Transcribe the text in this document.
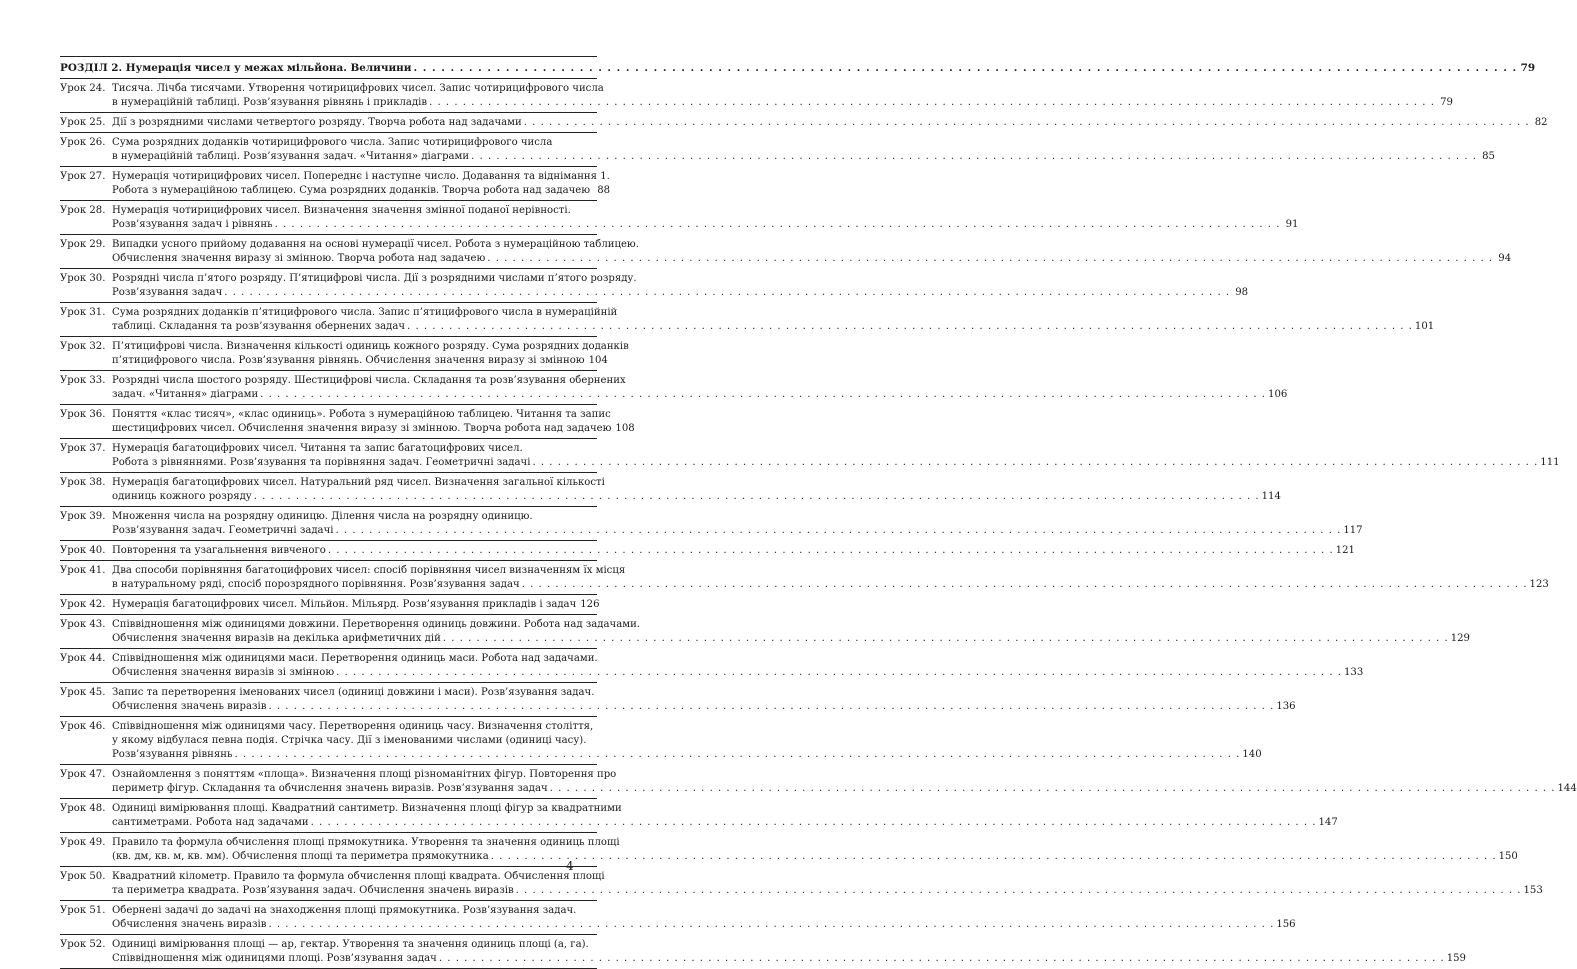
РОЗДІЛ 2. Нумерація чисел у межах мільйона. Величини . . . . . . . . . . . . . . . . . . . . . . . . . . . . . . . . . . . . . . . . . . . . . . . . . . . . . . . . . . . . . . . . . . . . . . . . . . . . . . . . . . . . . . . . . . . . . . . . . . . . . . . . . . . . . . . . . . . . . . . . 79
Урок 24. Тисяча. Лічба тисячами. Утворення чотирицифрових чисел. Запис чотирицифрового числа
в нумераційній таблиці. Розв’язування рівнянь і прикладів . . . . . . . . . . . . . . . . . . . . . . . . . . . . . . . . . . . . . . . . . . . . . . . . . . . . . . . . . . . . . . . . . . . . . . . . . . . . . . . . . . . . . . . . . . . . . . . . . . . . . . . . . . . . . . . . . . . . . . . . 79
Урок 25. Дії з розрядними числами четвертого розряду. Творча робота над задачами . . . . . . . . . . . . . . . . . . . . . . . . . . . . . . . . . . . . . . . . . . . . . . . . . . . . . . . . . . . . . . . . . . . . . . . . . . . . . . . . . . . . . . . . . . . . . . . . . . . . . . . . . . . . . . . . . . . . . . . . 82
Урок 26. Сума розрядних доданків чотирицифрового числа. Запис чотирицифрового числа
в нумераційній таблиці. Розв’язування задач. «Читання» діаграми . . . . . . . . . . . . . . . . . . . . . . . . . . . . . . . . . . . . . . . . . . . . . . . . . . . . . . . . . . . . . . . . . . . . . . . . . . . . . . . . . . . . . . . . . . . . . . . . . . . . . . . . . . . . . . . . . . . . . . . . 85
Урок 27. Нумерація чотирицифрових чисел. Попереднє і наступне число. Додавання та віднімання 1.
Робота з нумераційною таблицею. Сума розрядних доданків. Творча робота над задачею 88
Урок 28. Нумерація чотирицифрових чисел. Визначення значення змінної поданої нерівності.
Розв’язування задач і рівнянь . . . . . . . . . . . . . . . . . . . . . . . . . . . . . . . . . . . . . . . . . . . . . . . . . . . . . . . . . . . . . . . . . . . . . . . . . . . . . . . . . . . . . . . . . . . . . . . . . . . . . . . . . . . . . . . . . . . . . . . . 91
Урок 29. Випадки усного прийому додавання на основі нумерації чисел. Робота з нумераційною таблицею.
Обчислення значення виразу зі змінною. Творча робота над задачею . . . . . . . . . . . . . . . . . . . . . . . . . . . . . . . . . . . . . . . . . . . . . . . . . . . . . . . . . . . . . . . . . . . . . . . . . . . . . . . . . . . . . . . . . . . . . . . . . . . . . . . . . . . . . . . . . . . . . . . . 94
Урок 30. Розрядні числа п’ятого розряду. П’ятицифрові числа. Дії з розрядними числами п’ятого розряду.
Розв’язування задач . . . . . . . . . . . . . . . . . . . . . . . . . . . . . . . . . . . . . . . . . . . . . . . . . . . . . . . . . . . . . . . . . . . . . . . . . . . . . . . . . . . . . . . . . . . . . . . . . . . . . . . . . . . . . . . . . . . . . . . . 98
Урок 31. Сума розрядних доданків п’ятицифрового числа. Запис п’ятицифрового числа в нумераційній
таблиці. Складання та розв’язування обернених задач . . . . . . . . . . . . . . . . . . . . . . . . . . . . . . . . . . . . . . . . . . . . . . . . . . . . . . . . . . . . . . . . . . . . . . . . . . . . . . . . . . . . . . . . . . . . . . . . . . . . . . . . . . . . . . . . . . . . . . . . 101
Урок 32. П’ятицифрові числа. Визначення кількості одиниць кожного розряду. Сума розрядних доданків
п’ятицифрового числа. Розв’язування рівнянь. Обчислення значення виразу зі змінною 104
Урок 33. Розрядні числа шостого розряду. Шестицифрові числа. Складання та розв’язування обернених
задач. «Читання» діаграми . . . . . . . . . . . . . . . . . . . . . . . . . . . . . . . . . . . . . . . . . . . . . . . . . . . . . . . . . . . . . . . . . . . . . . . . . . . . . . . . . . . . . . . . . . . . . . . . . . . . . . . . . . . . . . . . . . . . . . . . 106
Урок 36. Поняття «клас тисяч», «клас одиниць». Робота з нумераційною таблицею. Читання та запис
шестицифрових чисел. Обчислення значення виразу зі змінною. Творча робота над задачею 108
Урок 37. Нумерація багатоцифрових чисел. Читання та запис багатоцифрових чисел.
Робота з рівняннями. Розв’язування та порівняння задач. Геометричні задачі . . . . . . . . . . . . . . . . . . . . . . . . . . . . . . . . . . . . . . . . . . . . . . . . . . . . . . . . . . . . . . . . . . . . . . . . . . . . . . . . . . . . . . . . . . . . . . . . . . . . . . . . . . . . . . . . . . . . . . . . 111
Урок 38. Нумерація багатоцифрових чисел. Натуральний ряд чисел. Визначення загальної кількості
одиниць кожного розряду . . . . . . . . . . . . . . . . . . . . . . . . . . . . . . . . . . . . . . . . . . . . . . . . . . . . . . . . . . . . . . . . . . . . . . . . . . . . . . . . . . . . . . . . . . . . . . . . . . . . . . . . . . . . . . . . . . . . . . . . 114
Урок 39. Множення числа на розрядну одиницю. Ділення числа на розрядну одиницю.
Розв’язування задач. Геометричні задачі . . . . . . . . . . . . . . . . . . . . . . . . . . . . . . . . . . . . . . . . . . . . . . . . . . . . . . . . . . . . . . . . . . . . . . . . . . . . . . . . . . . . . . . . . . . . . . . . . . . . . . . . . . . . . . . . . . . . . . . . 117
Урок 40. Повторення та узагальнення вивченого . . . . . . . . . . . . . . . . . . . . . . . . . . . . . . . . . . . . . . . . . . . . . . . . . . . . . . . . . . . . . . . . . . . . . . . . . . . . . . . . . . . . . . . . . . . . . . . . . . . . . . . . . . . . . . . . . . . . . . . . 121
Урок 41. Два способи порівняння багатоцифрових чисел: спосіб порівняння чисел визначенням їх місця
в натуральному ряді, спосіб порозрядного порівняння. Розв’язування задач . . . . . . . . . . . . . . . . . . . . . . . . . . . . . . . . . . . . . . . . . . . . . . . . . . . . . . . . . . . . . . . . . . . . . . . . . . . . . . . . . . . . . . . . . . . . . . . . . . . . . . . . . . . . . . . . . . . . . . . . 123
Урок 42. Нумерація багатоцифрових чисел. Мільйон. Мільярд. Розв’язування прикладів і задач 126
Урок 43. Співвідношення між одиницями довжини. Перетворення одиниць довжини. Робота над задачами.
Обчислення значення виразів на декілька арифметичних дій . . . . . . . . . . . . . . . . . . . . . . . . . . . . . . . . . . . . . . . . . . . . . . . . . . . . . . . . . . . . . . . . . . . . . . . . . . . . . . . . . . . . . . . . . . . . . . . . . . . . . . . . . . . . . . . . . . . . . . . . 129
Урок 44. Співвідношення між одиницями маси. Перетворення одиниць маси. Робота над задачами.
Обчислення значення виразів зі змінною . . . . . . . . . . . . . . . . . . . . . . . . . . . . . . . . . . . . . . . . . . . . . . . . . . . . . . . . . . . . . . . . . . . . . . . . . . . . . . . . . . . . . . . . . . . . . . . . . . . . . . . . . . . . . . . . . . . . . . . . 133
Урок 45. Запис та перетворення іменованих чисел (одиниці довжини і маси). Розв’язування задач.
Обчислення значень виразів . . . . . . . . . . . . . . . . . . . . . . . . . . . . . . . . . . . . . . . . . . . . . . . . . . . . . . . . . . . . . . . . . . . . . . . . . . . . . . . . . . . . . . . . . . . . . . . . . . . . . . . . . . . . . . . . . . . . . . . . 136
Урок 46. Співвідношення між одиницями часу. Перетворення одиниць часу. Визначення століття,
у якому відбулася певна подія. Стрічка часу. Дії з іменованими числами (одиниці часу).
Розв’язування рівнянь . . . . . . . . . . . . . . . . . . . . . . . . . . . . . . . . . . . . . . . . . . . . . . . . . . . . . . . . . . . . . . . . . . . . . . . . . . . . . . . . . . . . . . . . . . . . . . . . . . . . . . . . . . . . . . . . . . . . . . . . 140
Урок 47. Ознайомлення з поняттям «площа». Визначення площі різноманітних фігур. Повторення про
периметр фігур. Складання та обчислення значень виразів. Розв’язування задач . . . . . . . . . . . . . . . . . . . . . . . . . . . . . . . . . . . . . . . . . . . . . . . . . . . . . . . . . . . . . . . . . . . . . . . . . . . . . . . . . . . . . . . . . . . . . . . . . . . . . . . . . . . . . . . . . . . . . . . . 144
Урок 48. Одиниці вимірювання площі. Квадратний сантиметр. Визначення площі фігур за квадратними
сантиметрами. Робота над задачами . . . . . . . . . . . . . . . . . . . . . . . . . . . . . . . . . . . . . . . . . . . . . . . . . . . . . . . . . . . . . . . . . . . . . . . . . . . . . . . . . . . . . . . . . . . . . . . . . . . . . . . . . . . . . . . . . . . . . . . . 147
Урок 49. Правило та формула обчислення площі прямокутника. Утворення та значення одиниць площі
(кв. дм, кв. м, кв. мм). Обчислення площі та периметра прямокутника . . . . . . . . . . . . . . . . . . . . . . . . . . . . . . . . . . . . . . . . . . . . . . . . . . . . . . . . . . . . . . . . . . . . . . . . . . . . . . . . . . . . . . . . . . . . . . . . . . . . . . . . . . . . . . . . . . . . . . . . 150
Урок 50. Квадратний кілометр. Правило та формула обчислення площі квадрата. Обчислення площі
та периметра квадрата. Розв’язування задач. Обчислення значень виразів . . . . . . . . . . . . . . . . . . . . . . . . . . . . . . . . . . . . . . . . . . . . . . . . . . . . . . . . . . . . . . . . . . . . . . . . . . . . . . . . . . . . . . . . . . . . . . . . . . . . . . . . . . . . . . . . . . . . . . . . 153
Урок 51. Обернені задачі до задачі на знаходження площі прямокутника. Розв’язування задач.
Обчислення значень виразів . . . . . . . . . . . . . . . . . . . . . . . . . . . . . . . . . . . . . . . . . . . . . . . . . . . . . . . . . . . . . . . . . . . . . . . . . . . . . . . . . . . . . . . . . . . . . . . . . . . . . . . . . . . . . . . . . . . . . . . . 156
Урок 52. Одиниці вимірювання площі — ар, гектар. Утворення та значення одиниць площі (а, га).
Співвідношення між одиницями площі. Розв’язування задач . . . . . . . . . . . . . . . . . . . . . . . . . . . . . . . . . . . . . . . . . . . . . . . . . . . . . . . . . . . . . . . . . . . . . . . . . . . . . . . . . . . . . . . . . . . . . . . . . . . . . . . . . . . . . . . . . . . . . . . . 159
4
